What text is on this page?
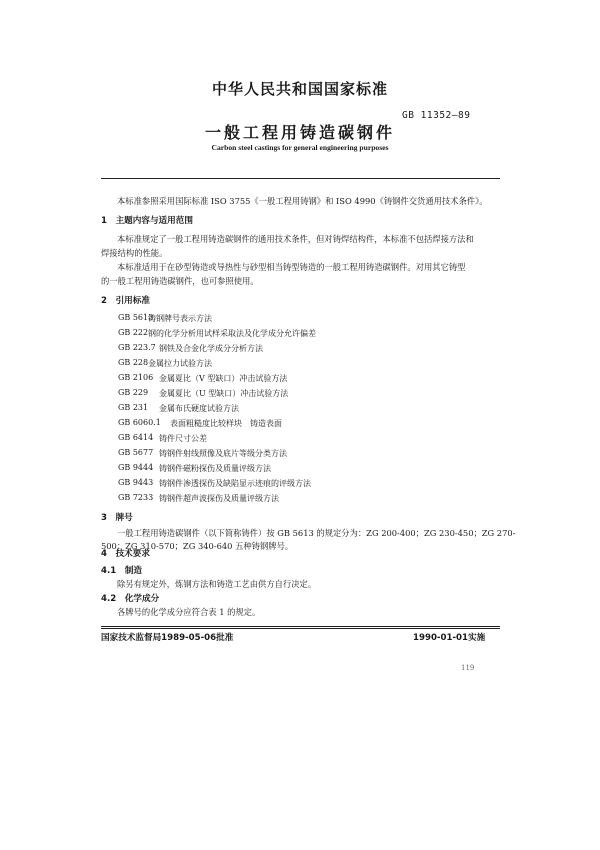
中华人民共和国国家标准
GB 11352—89
一般工程用铸造碳钢件
Carbon steel castings for general engineering purposes
本标准参照采用国际标准 ISO 3755《一般工程用铸钢》和 ISO 4990《铸钢件交货通用技术条件》。
1　主题内容与适用范围
本标准规定了一般工程用铸造碳钢件的通用技术条件，但对铸焊结构件，本标准不包括焊接方法和
焊接结构的性能。
本标准适用于在砂型铸造或导热性与砂型相当铸型铸造的一般工程用铸造碳钢件。对用其它铸型
的一般工程用铸造碳钢件，也可参照使用。
2　引用标准
GB 5613
铸钢牌号表示方法
GB 222 钢的化学分析用试样采取法及化学成分允许偏差
GB 223.7 钢铁及合金化学成分分析方法
GB 228 金属拉力试验方法
GB 2106 金属夏比（V 型缺口）冲击试验方法
GB 229 金属夏比（U 型缺口）冲击试验方法
GB 231 金属布氏硬度试验方法
GB 6060.1 表面粗糙度比较样块　铸造表面
GB 6414 铸件尺寸公差
GB 5677 铸钢件射线照像及底片等级分类方法
GB 9444 铸钢件磁粉探伤及质量评级方法
GB 9443 铸钢件渗透探伤及缺陷显示迹痕的评级方法
GB 7233 铸钢件超声波探伤及质量评级方法
3　牌号
一般工程用铸造碳钢件（以下简称铸件）按 GB 5613 的规定分为：ZG 200-400；ZG 230-450；ZG 270-
500；ZG 310-570；ZG 340-640 五种铸钢牌号。
4　技术要求
4.1　制造
除另有规定外，炼钢方法和铸造工艺由供方自行决定。
4.2　化学成分
国家技术监督局1989-05-06批准	1990-01-01实施
119
各牌号的化学成分应符合表 1 的规定。
